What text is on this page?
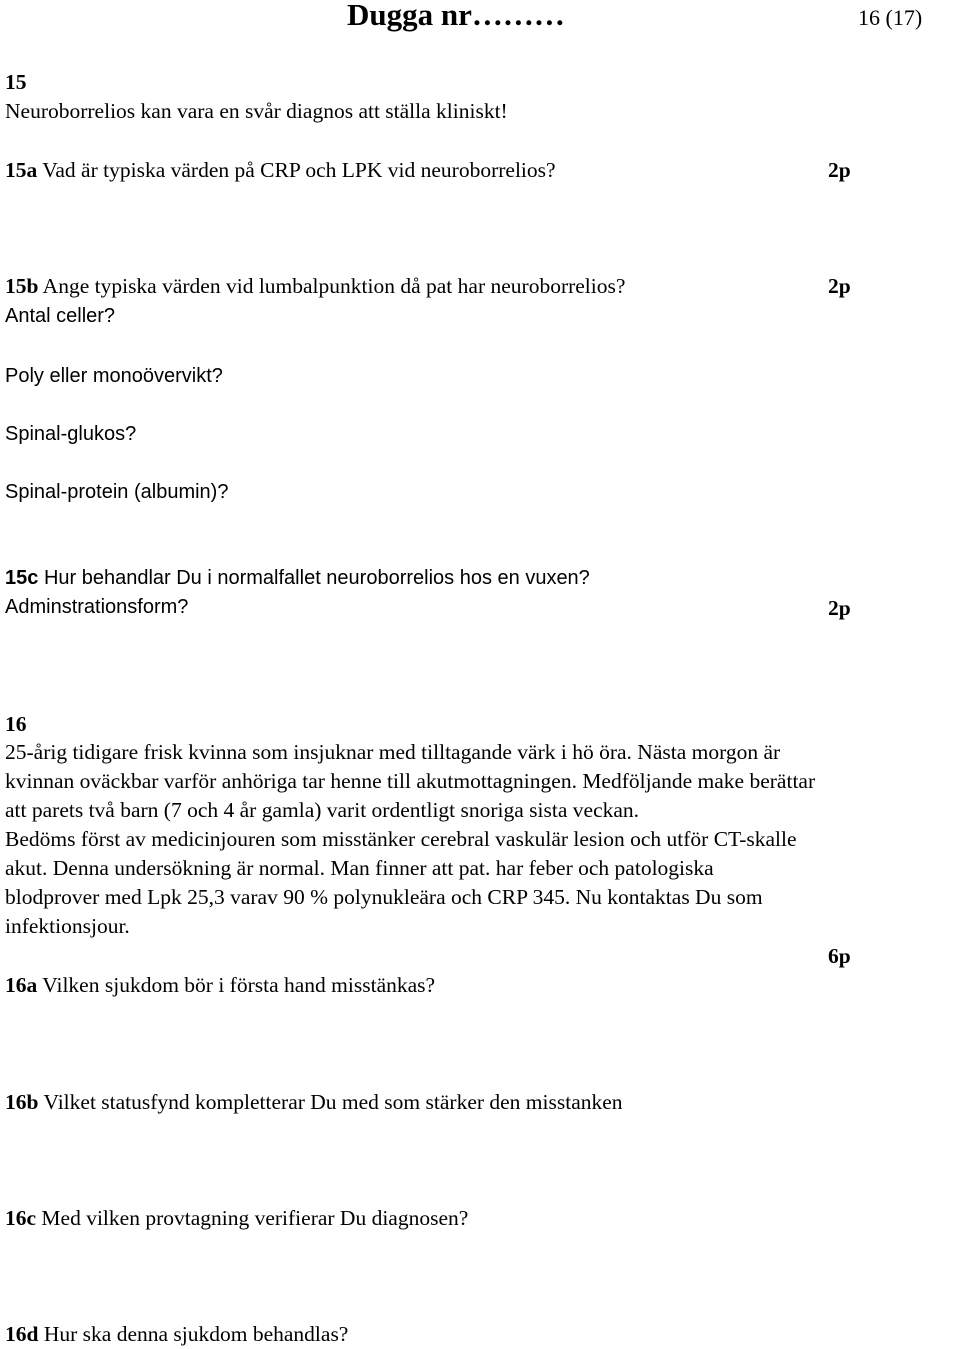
Dugga nr………	16 (17)
15
Neuroborrelios kan vara en svår diagnos att ställa kliniskt!
15a Vad är typiska värden på CRP och LPK vid neuroborrelios?	2p
15b Ange typiska värden vid lumbalpunktion då pat har neuroborrelios?	2p
Antal celler?
Poly eller monoövervikt?
Spinal-glukos?
Spinal-protein (albumin)?
15c Hur behandlar Du i normalfallet neuroborrelios hos en vuxen?
Adminstrationsform?	2p
16
25-årig tidigare frisk kvinna som insjuknar med tilltagande värk i hö öra. Nästa morgon är
kvinnan oväckbar varför anhöriga tar henne till akutmottagningen. Medföljande make berättar
att parets två barn (7 och 4 år gamla) varit ordentligt snoriga sista veckan.
Bedöms först av medicinjouren som misstänker cerebral vaskulär lesion och utför CT-skalle
akut. Denna undersökning är normal. Man finner att pat. har feber och patologiska
blodprover med Lpk 25,3 varav 90 % polynukleära och CRP 345. Nu kontaktas Du som
infektionsjour.
6p
16a Vilken sjukdom bör i första hand misstänkas?
16b Vilket statusfynd kompletterar Du med som stärker den misstanken
16c Med vilken provtagning verifierar Du diagnosen?
16d Hur ska denna sjukdom behandlas?
